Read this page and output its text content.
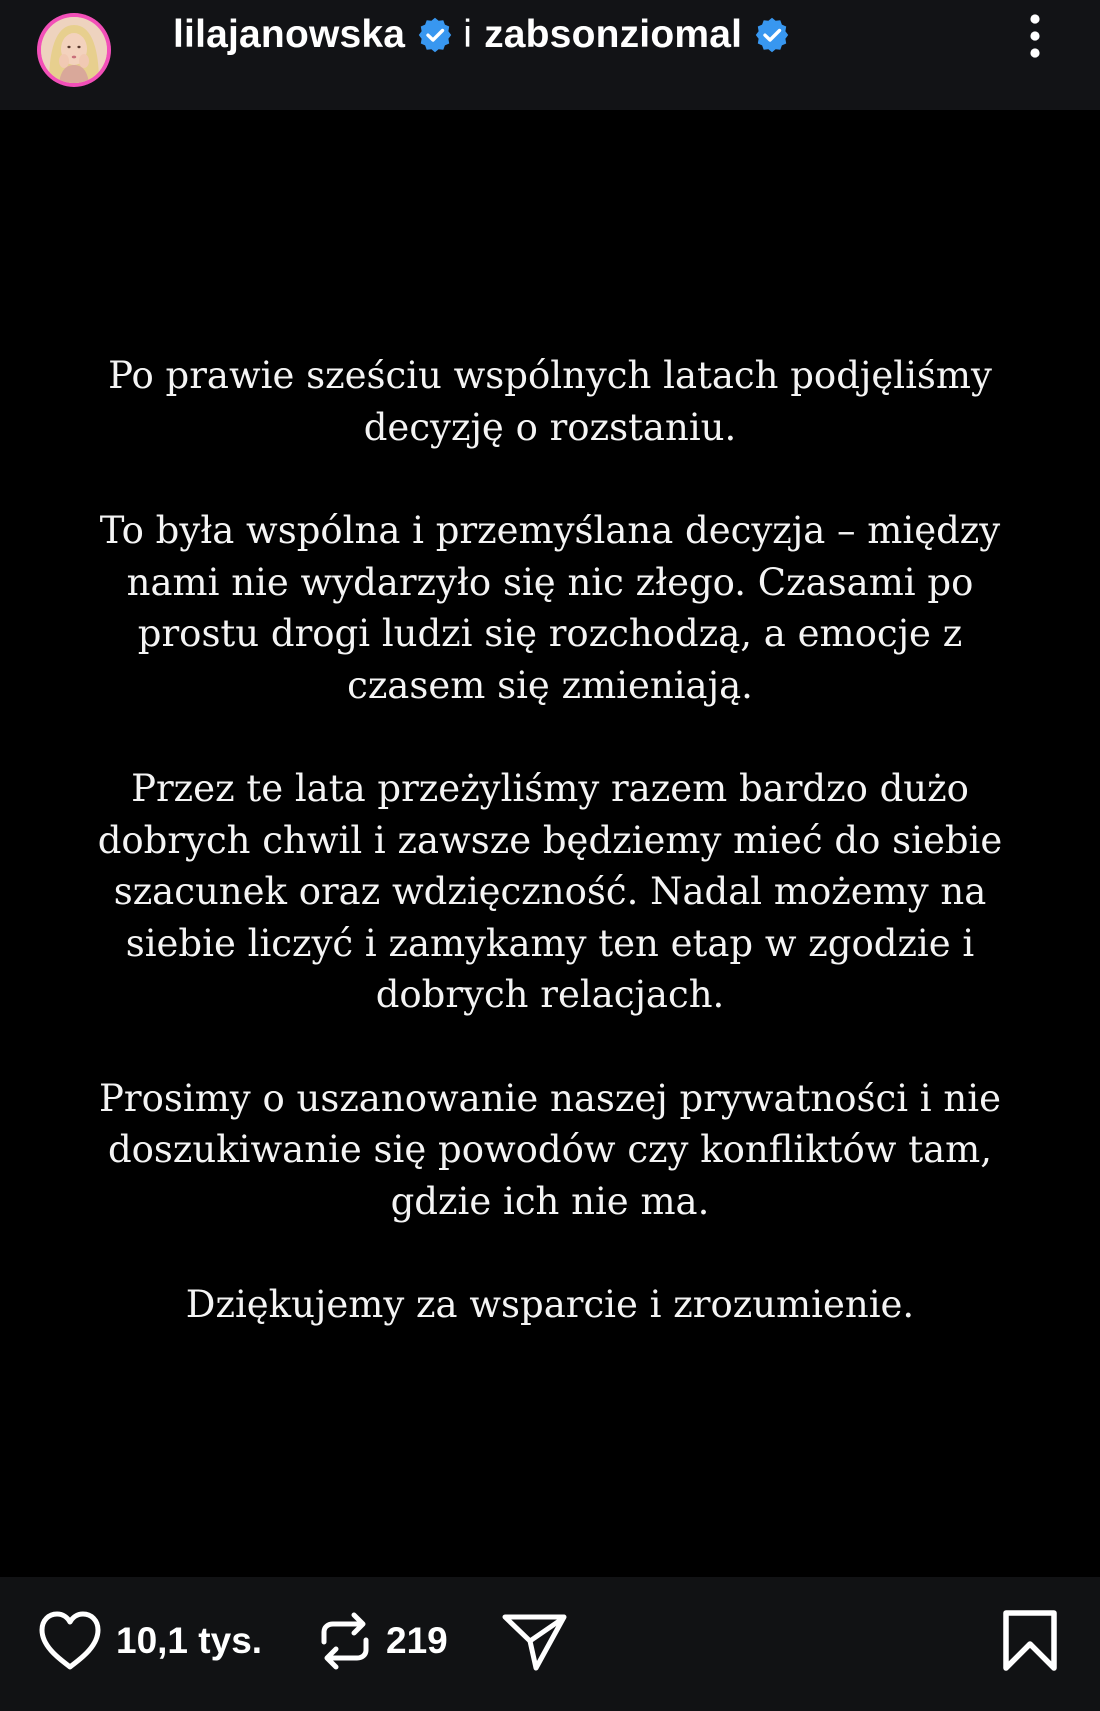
lilajanowska i zabsonziomal

Po prawie sześciu wspólnych latach podjęliśmy
decyzję o rozstaniu.

To była wspólna i przemyślana decyzja – między
nami nie wydarzyło się nic złego. Czasami po
prostu drogi ludzi się rozchodzą, a emocje z
czasem się zmieniają.

Przez te lata przeżyliśmy razem bardzo dużo
dobrych chwil i zawsze będziemy mieć do siebie
szacunek oraz wdzięczność. Nadal możemy na
siebie liczyć i zamykamy ten etap w zgodzie i
dobrych relacjach.

Prosimy o uszanowanie naszej prywatności i nie
doszukiwanie się powodów czy konfliktów tam,
gdzie ich nie ma.

Dziękujemy za wsparcie i zrozumienie.

10,1 tys.	219
